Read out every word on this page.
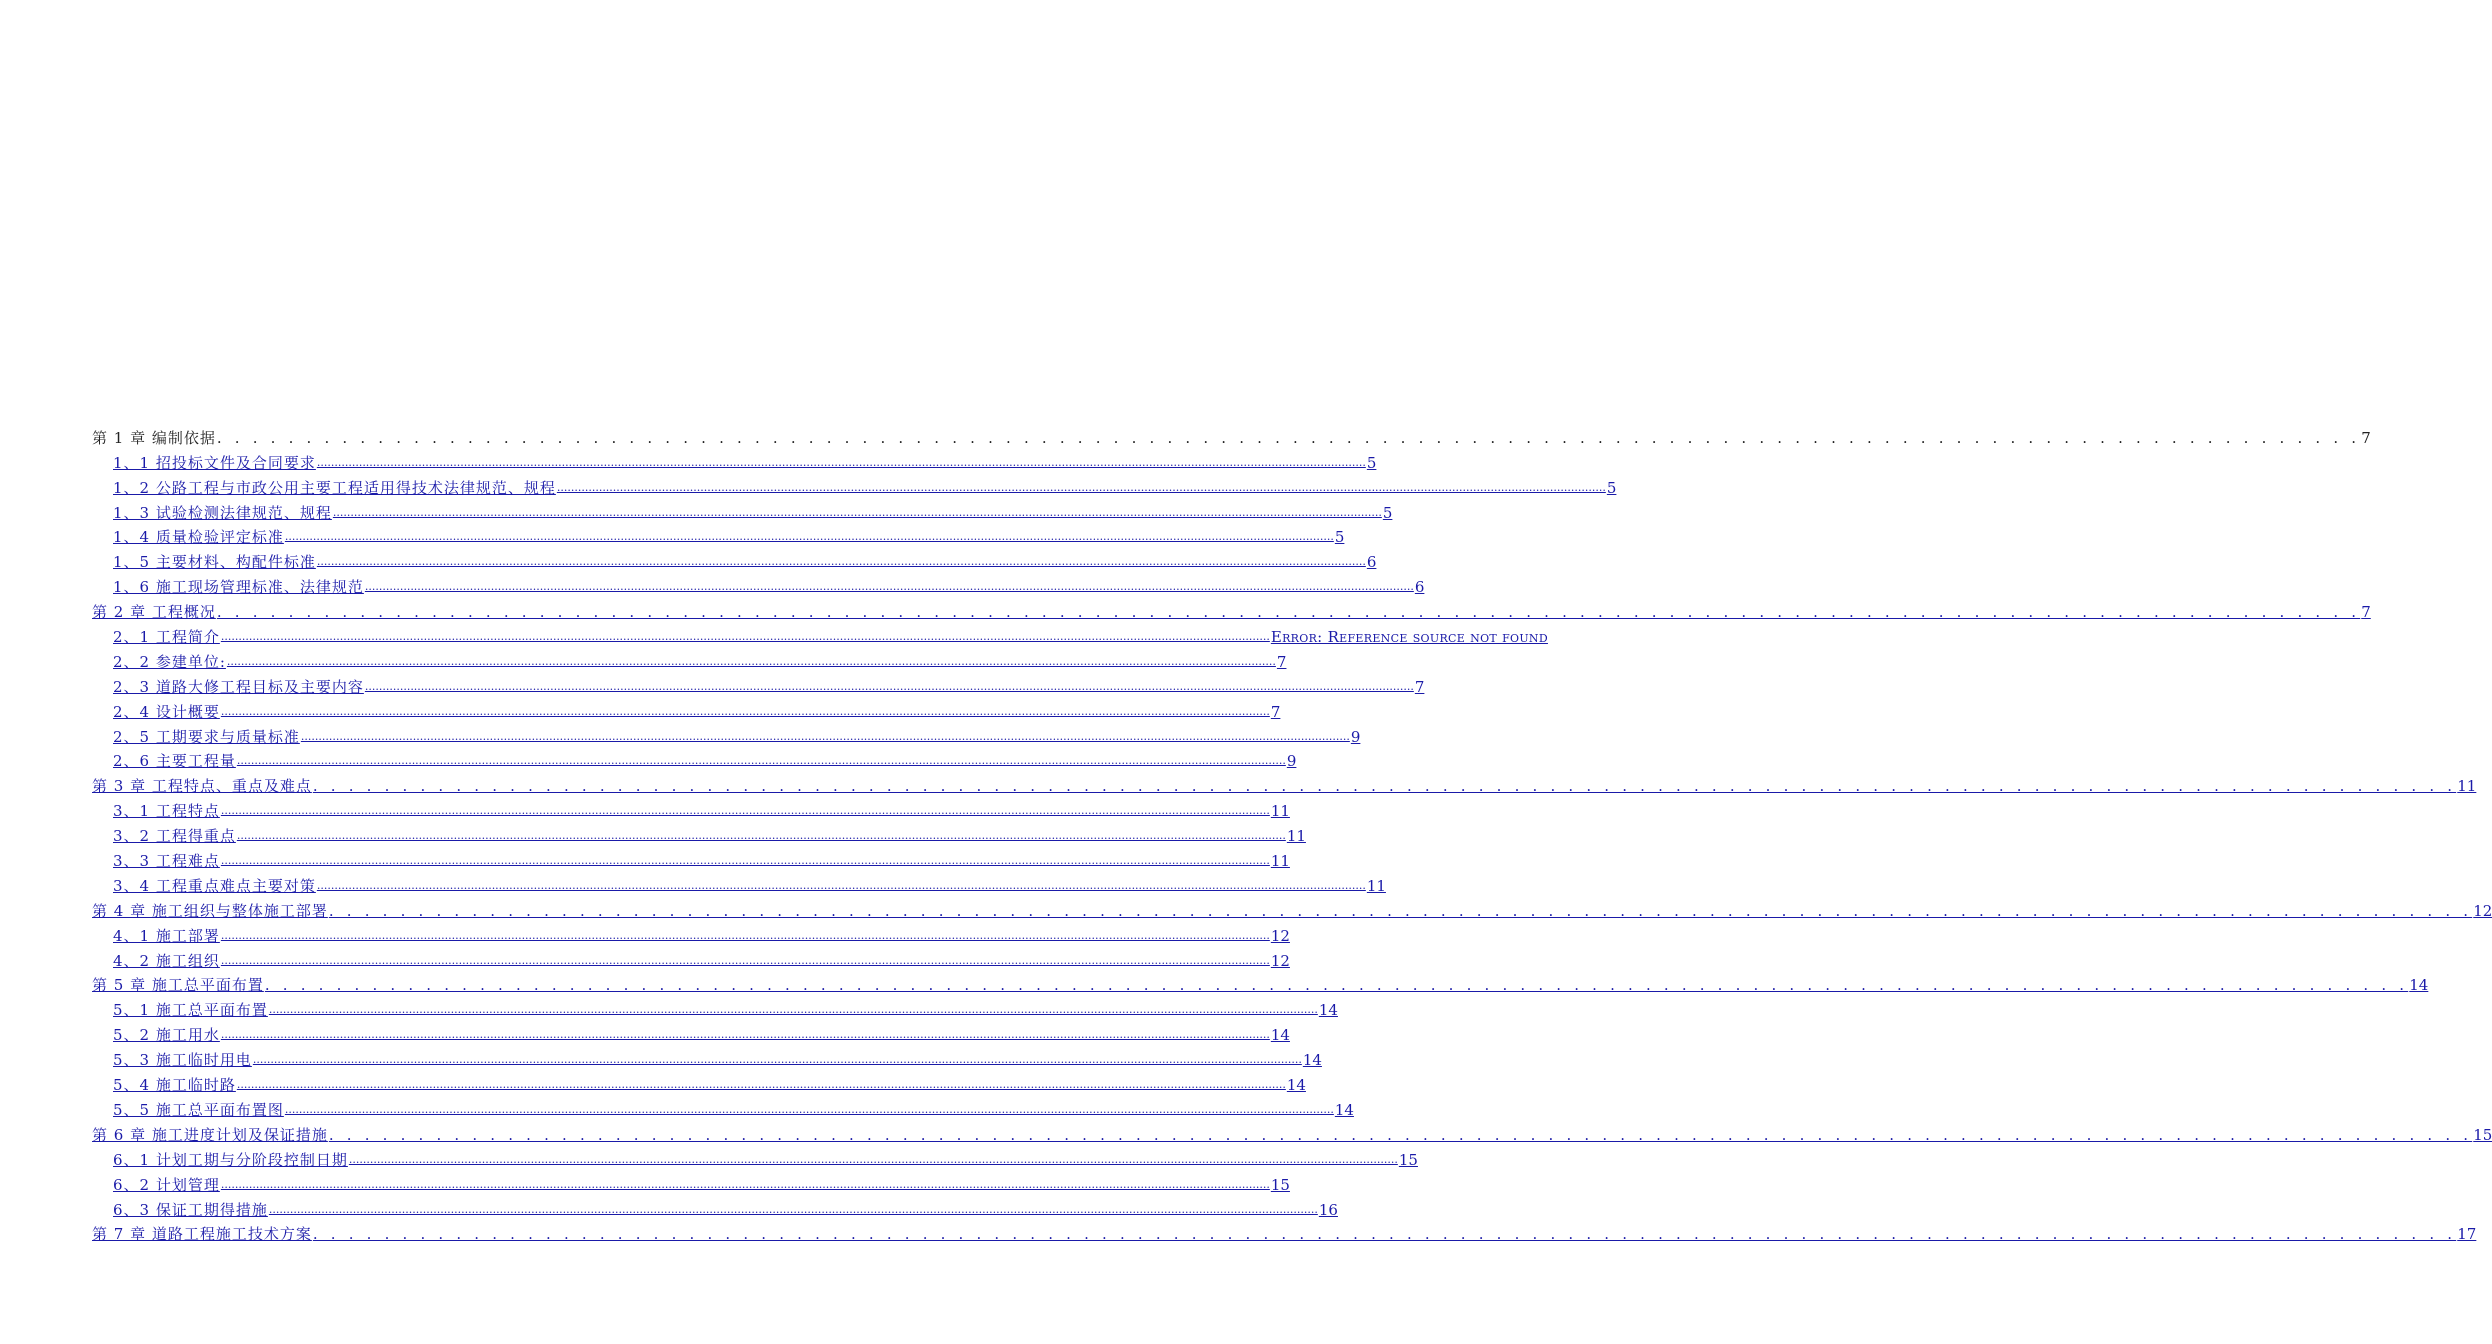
第 1 章 编制依据 . . . . . . . . . . . . . . . . . . . . . . . . . . . . . . . . . . . . . . . . . . . . . . . . . . . . . . . . . . . . . . . . . . . . . . . . . . . . . . . . . . . . . . . . . . . . . . . . . . . . . . . . . . . . . . . . . . . . . . . . 7
1、1 招投标文件及合同要求 ............................................................................................................................................................................................................................................................................................................ 5
1、2 公路工程与市政公用主要工程适用得技术法律规范、规程 ............................................................................................................................................................................................................................................................................................................ 5
1、3 试验检测法律规范、规程 ............................................................................................................................................................................................................................................................................................................ 5
1、4 质量检验评定标准 ............................................................................................................................................................................................................................................................................................................ 5
1、5 主要材料、构配件标准 ............................................................................................................................................................................................................................................................................................................ 6
1、6 施工现场管理标准、法律规范 ............................................................................................................................................................................................................................................................................................................ 6
第 2 章 工程概况 . . . . . . . . . . . . . . . . . . . . . . . . . . . . . . . . . . . . . . . . . . . . . . . . . . . . . . . . . . . . . . . . . . . . . . . . . . . . . . . . . . . . . . . . . . . . . . . . . . . . . . . . . . . . . . . . . . . . . . . . 7
2、1 工程简介 ............................................................................................................................................................................................................................................................................................................ Error: Reference source not found
2、2 参建单位: ............................................................................................................................................................................................................................................................................................................ 7
2、3 道路大修工程目标及主要内容 ............................................................................................................................................................................................................................................................................................................ 7
2、4 设计概要 ............................................................................................................................................................................................................................................................................................................ 7
2、5 工期要求与质量标准 ............................................................................................................................................................................................................................................................................................................ 9
2、6 主要工程量 ............................................................................................................................................................................................................................................................................................................ 9
第 3 章 工程特点、重点及难点 . . . . . . . . . . . . . . . . . . . . . . . . . . . . . . . . . . . . . . . . . . . . . . . . . . . . . . . . . . . . . . . . . . . . . . . . . . . . . . . . . . . . . . . . . . . . . . . . . . . . . . . . . . . . . . . . . . . . . . . . 11
3、1 工程特点 ............................................................................................................................................................................................................................................................................................................ 11
3、2 工程得重点 ............................................................................................................................................................................................................................................................................................................ 11
3、3 工程难点 ............................................................................................................................................................................................................................................................................................................ 11
3、4 工程重点难点主要对策 ............................................................................................................................................................................................................................................................................................................ 11
第 4 章 施工组织与整体施工部署 . . . . . . . . . . . . . . . . . . . . . . . . . . . . . . . . . . . . . . . . . . . . . . . . . . . . . . . . . . . . . . . . . . . . . . . . . . . . . . . . . . . . . . . . . . . . . . . . . . . . . . . . . . . . . . . . . . . . . . . . 12
4、1 施工部署 ............................................................................................................................................................................................................................................................................................................ 12
4、2 施工组织 ............................................................................................................................................................................................................................................................................................................ 12
第 5 章 施工总平面布置 . . . . . . . . . . . . . . . . . . . . . . . . . . . . . . . . . . . . . . . . . . . . . . . . . . . . . . . . . . . . . . . . . . . . . . . . . . . . . . . . . . . . . . . . . . . . . . . . . . . . . . . . . . . . . . . . . . . . . . . . 14
5、1 施工总平面布置 ............................................................................................................................................................................................................................................................................................................ 14
5、2 施工用水 ............................................................................................................................................................................................................................................................................................................ 14
5、3 施工临时用电 ............................................................................................................................................................................................................................................................................................................ 14
5、4 施工临时路 ............................................................................................................................................................................................................................................................................................................ 14
5、5 施工总平面布置图 ............................................................................................................................................................................................................................................................................................................ 14
第 6 章 施工进度计划及保证措施 . . . . . . . . . . . . . . . . . . . . . . . . . . . . . . . . . . . . . . . . . . . . . . . . . . . . . . . . . . . . . . . . . . . . . . . . . . . . . . . . . . . . . . . . . . . . . . . . . . . . . . . . . . . . . . . . . . . . . . . . 15
6、1 计划工期与分阶段控制日期 ............................................................................................................................................................................................................................................................................................................ 15
6、2 计划管理 ............................................................................................................................................................................................................................................................................................................ 15
6、3 保证工期得措施 ............................................................................................................................................................................................................................................................................................................ 16
第 7 章 道路工程施工技术方案 . . . . . . . . . . . . . . . . . . . . . . . . . . . . . . . . . . . . . . . . . . . . . . . . . . . . . . . . . . . . . . . . . . . . . . . . . . . . . . . . . . . . . . . . . . . . . . . . . . . . . . . . . . . . . . . . . . . . . . . . 17
